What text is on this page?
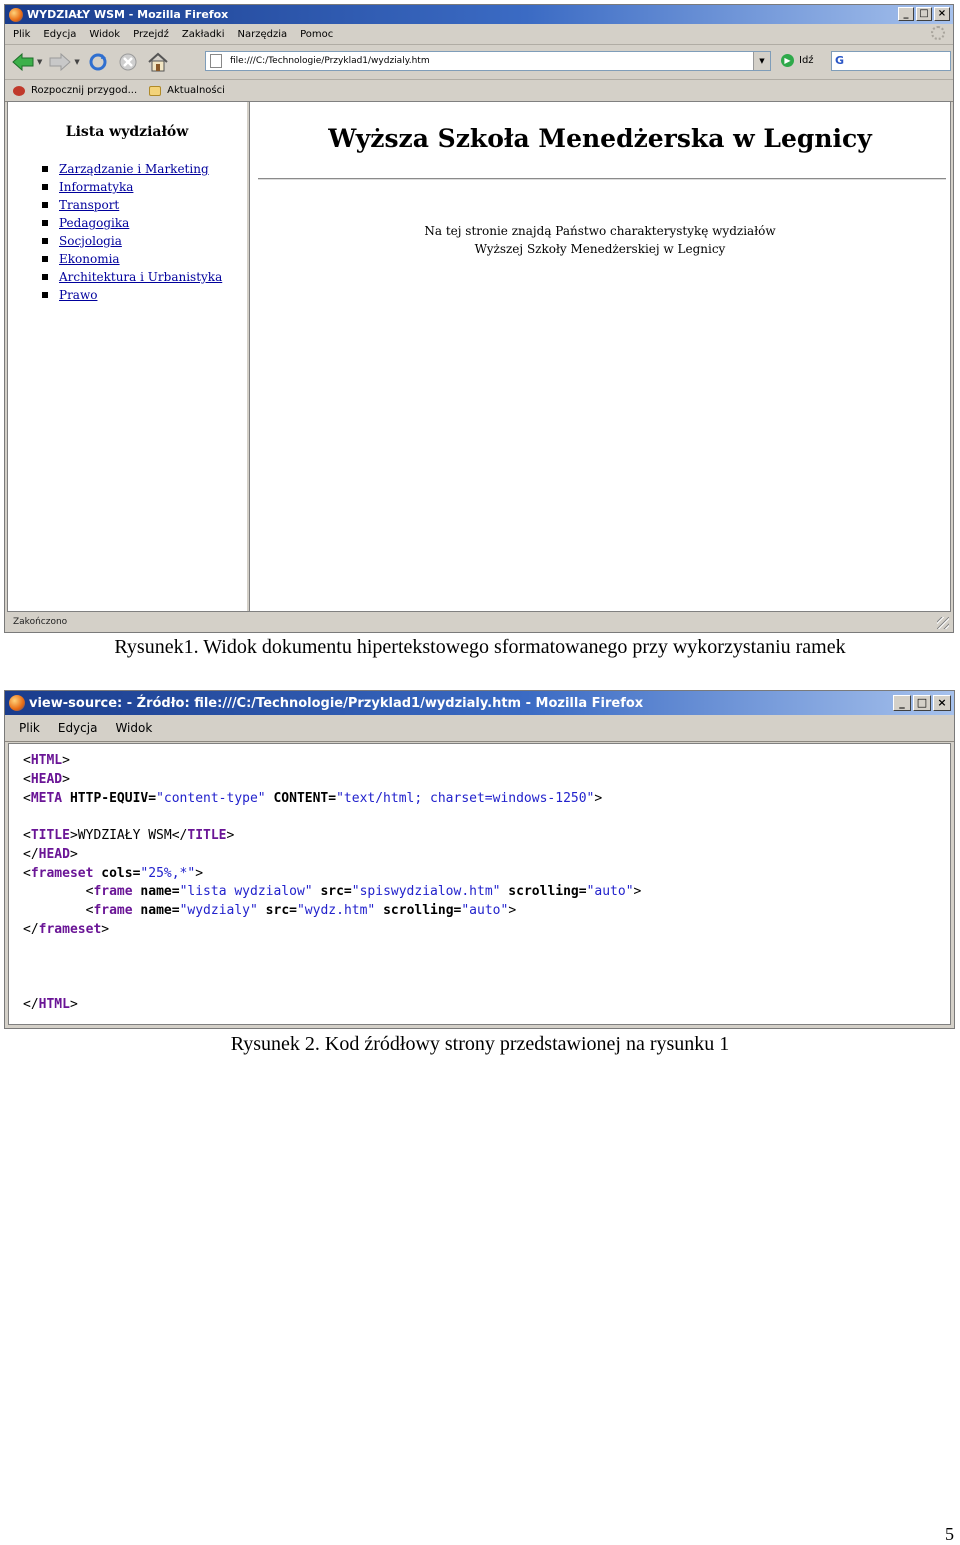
WYDZIAŁY WSM - Mozilla Firefox	_	□ ×
Plik Edycja Widok Przejdź Zakładki Narzędzia Pomoc
▼	▼	file:///C:/Technologie/Przyklad1/wydzialy.htm	▼	▶ Idź	G
Rozpocznij przygod...	Aktualności
Lista wydziałów
Zarządzanie i Marketing
Informatyka
Transport
Pedagogika
Socjologia
Ekonomia
Architektura i Urbanistyka
Prawo
Wyższa Szkoła Menedżerska w Legnicy
Na tej stronie znajdą Państwo charakterystykę wydziałów
Wyższej Szkoły Menedżerskiej w Legnicy
Zakończono
Rysunek1. Widok dokumentu hipertekstowego sformatowanego przy wykorzystaniu ramek
view-source: - Źródło: file:///C:/Technologie/Przyklad1/wydzialy.htm - Mozilla Firefox	_	□ ×
Plik Edycja Widok
<HTML>
<HEAD>
<META HTTP-EQUIV="content-type" CONTENT="text/html; charset=windows-1250">
<TITLE>WYDZIAŁY WSM</TITLE>
</HEAD>
<frameset cols="25%,*">
<frame name="lista wydzialow" src="spiswydzialow.htm" scrolling="auto">
<frame name="wydzialy" src="wydz.htm" scrolling="auto">
</frameset>
</HTML>
Rysunek 2. Kod źródłowy strony przedstawionej na rysunku 1
5
